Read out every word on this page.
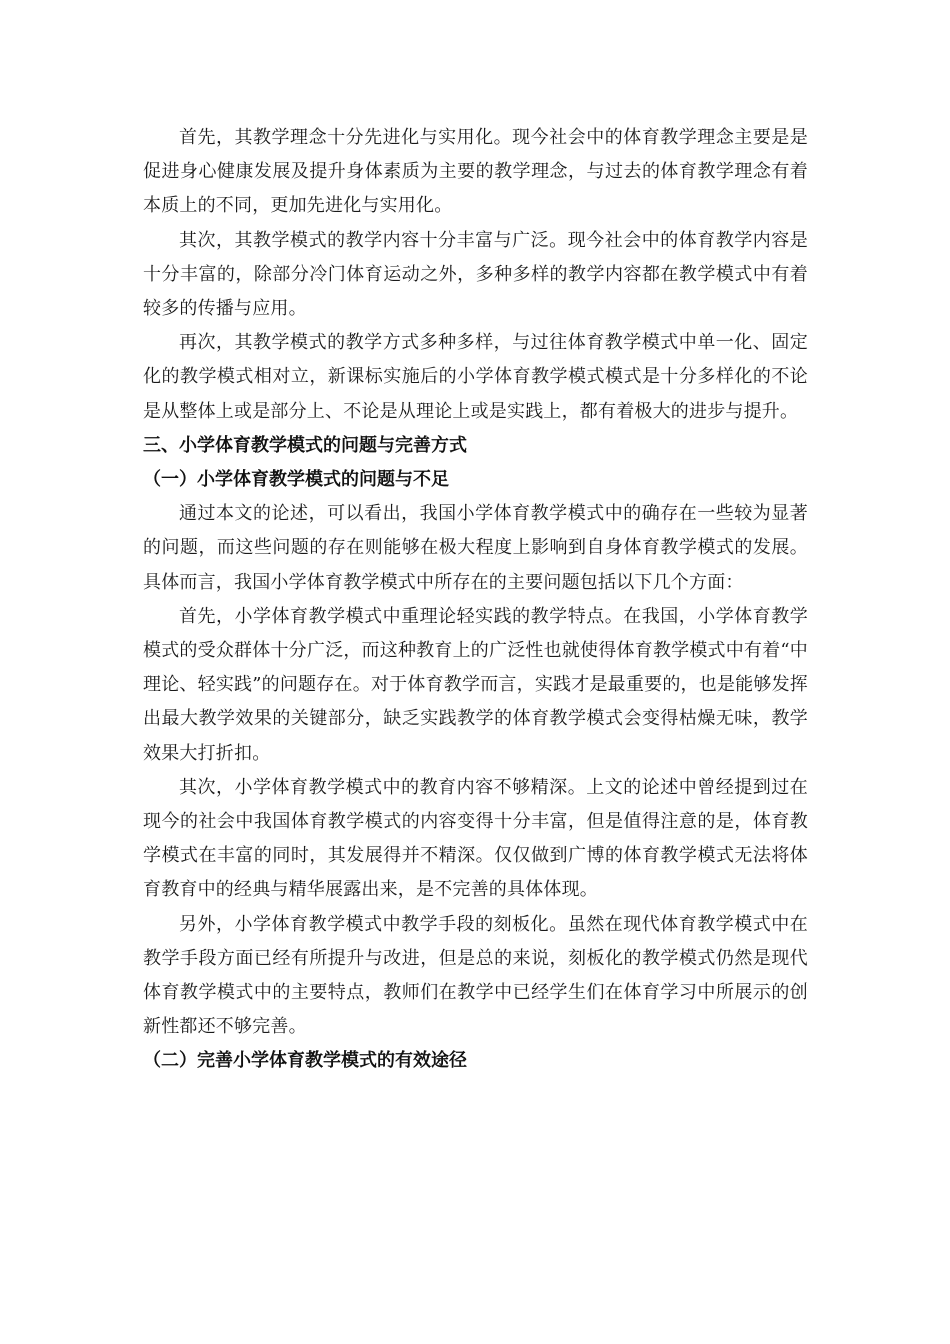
首先，其教学理念十分先进化与实用化。现今社会中的体育教学理念主要是是促进身心健康发展及提升身体素质为主要的教学理念，与过去的体育教学理念有着本质上的不同，更加先进化与实用化。

其次，其教学模式的教学内容十分丰富与广泛。现今社会中的体育教学内容是十分丰富的，除部分冷门体育运动之外，多种多样的教学内容都在教学模式中有着较多的传播与应用。

再次，其教学模式的教学方式多种多样，与过往体育教学模式中单一化、固定化的教学模式相对立，新课标实施后的小学体育教学模式模式是十分多样化的不论是从整体上或是部分上、不论是从理论上或是实践上，都有着极大的进步与提升。

三、小学体育教学模式的问题与完善方式
（一）小学体育教学模式的问题与不足

通过本文的论述，可以看出，我国小学体育教学模式中的确存在一些较为显著的问题，而这些问题的存在则能够在极大程度上影响到自身体育教学模式的发展。具体而言，我国小学体育教学模式中所存在的主要问题包括以下几个方面：

首先，小学体育教学模式中重理论轻实践的教学特点。在我国，小学体育教学模式的受众群体十分广泛，而这种教育上的广泛性也就使得体育教学模式中有着“中理论、轻实践”的问题存在。对于体育教学而言，实践才是最重要的，也是能够发挥出最大教学效果的关键部分，缺乏实践教学的体育教学模式会变得枯燥无味，教学效果大打折扣。

其次，小学体育教学模式中的教育内容不够精深。上文的论述中曾经提到过在现今的社会中我国体育教学模式的内容变得十分丰富，但是值得注意的是，体育教学模式在丰富的同时，其发展得并不精深。仅仅做到广博的体育教学模式无法将体育教育中的经典与精华展露出来，是不完善的具体体现。

另外，小学体育教学模式中教学手段的刻板化。虽然在现代体育教学模式中在教学手段方面已经有所提升与改进，但是总的来说，刻板化的教学模式仍然是现代体育教学模式中的主要特点，教师们在教学中已经学生们在体育学习中所展示的创新性都还不够完善。

（二）完善小学体育教学模式的有效途径
